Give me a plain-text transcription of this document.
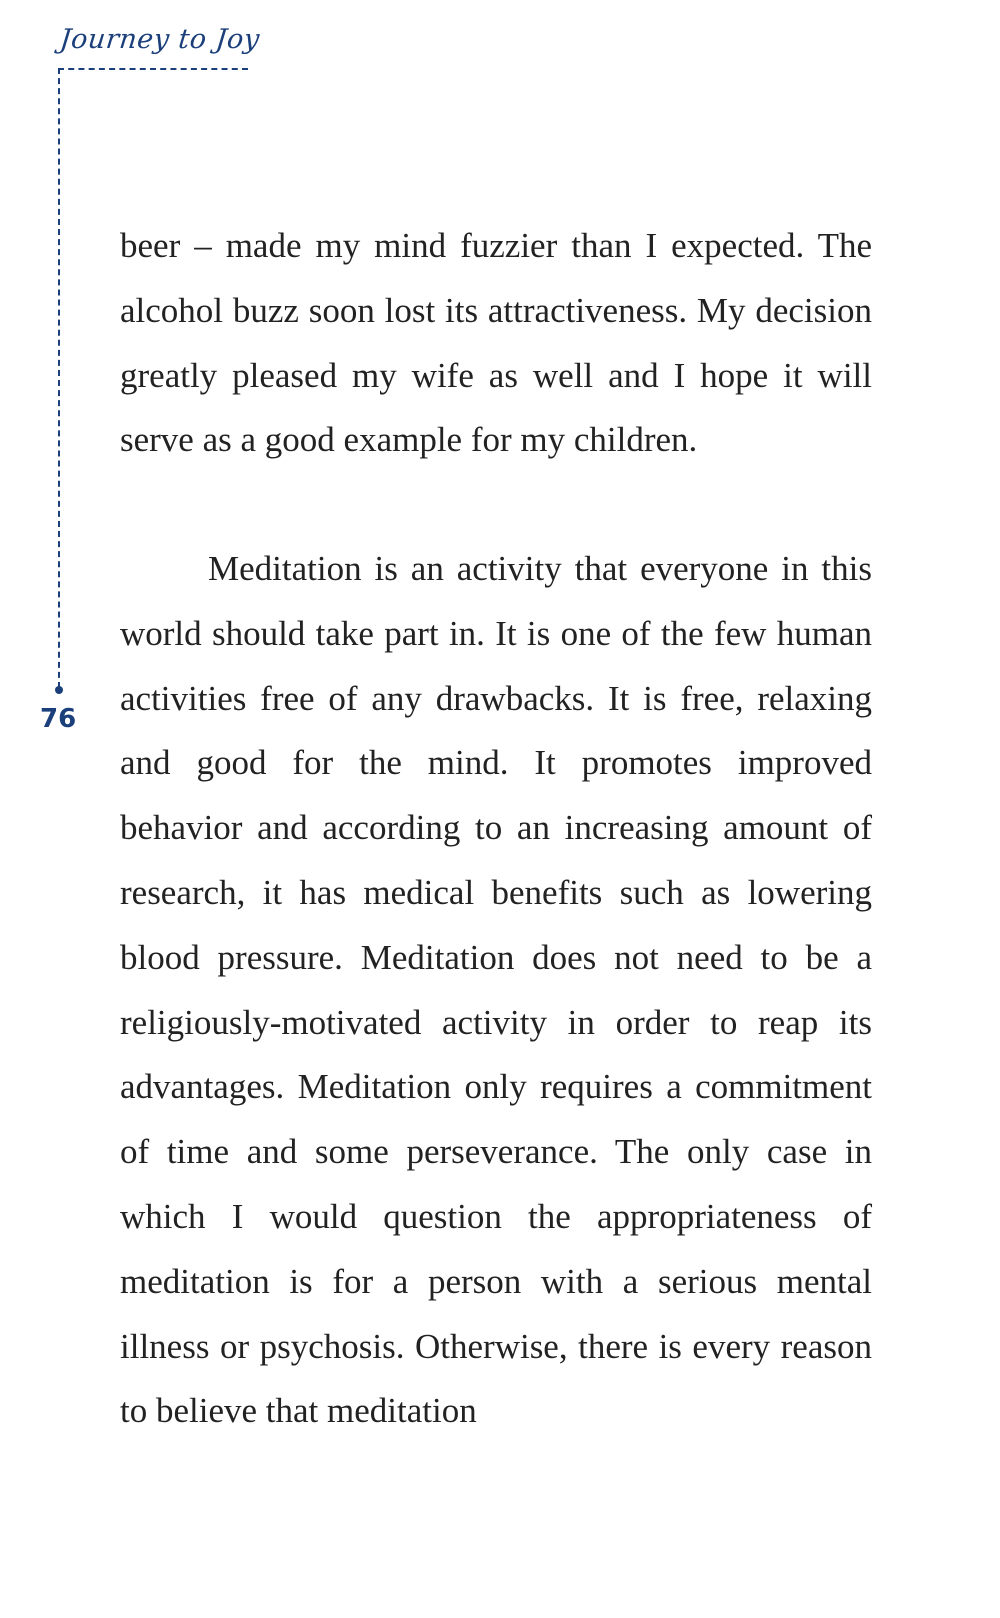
Journey to Joy
76

beer – made my mind fuzzier than I expected. The alcohol buzz soon lost its attractiveness. My decision greatly pleased my wife as well and I hope it will serve as a good example for my children.

Meditation is an activity that everyone in this world should take part in. It is one of the few human activities free of any drawbacks. It is free, relaxing and good for the mind. It promotes improved behavior and according to an increasing amount of research, it has medical benefits such as lowering blood pressure. Meditation does not need to be a religiously-motivated activity in order to reap its advantages. Meditation only requires a commitment of time and some perseverance. The only case in which I would question the appropriateness of meditation is for a person with a serious mental illness or psychosis. Otherwise, there is every reason to believe that meditation
